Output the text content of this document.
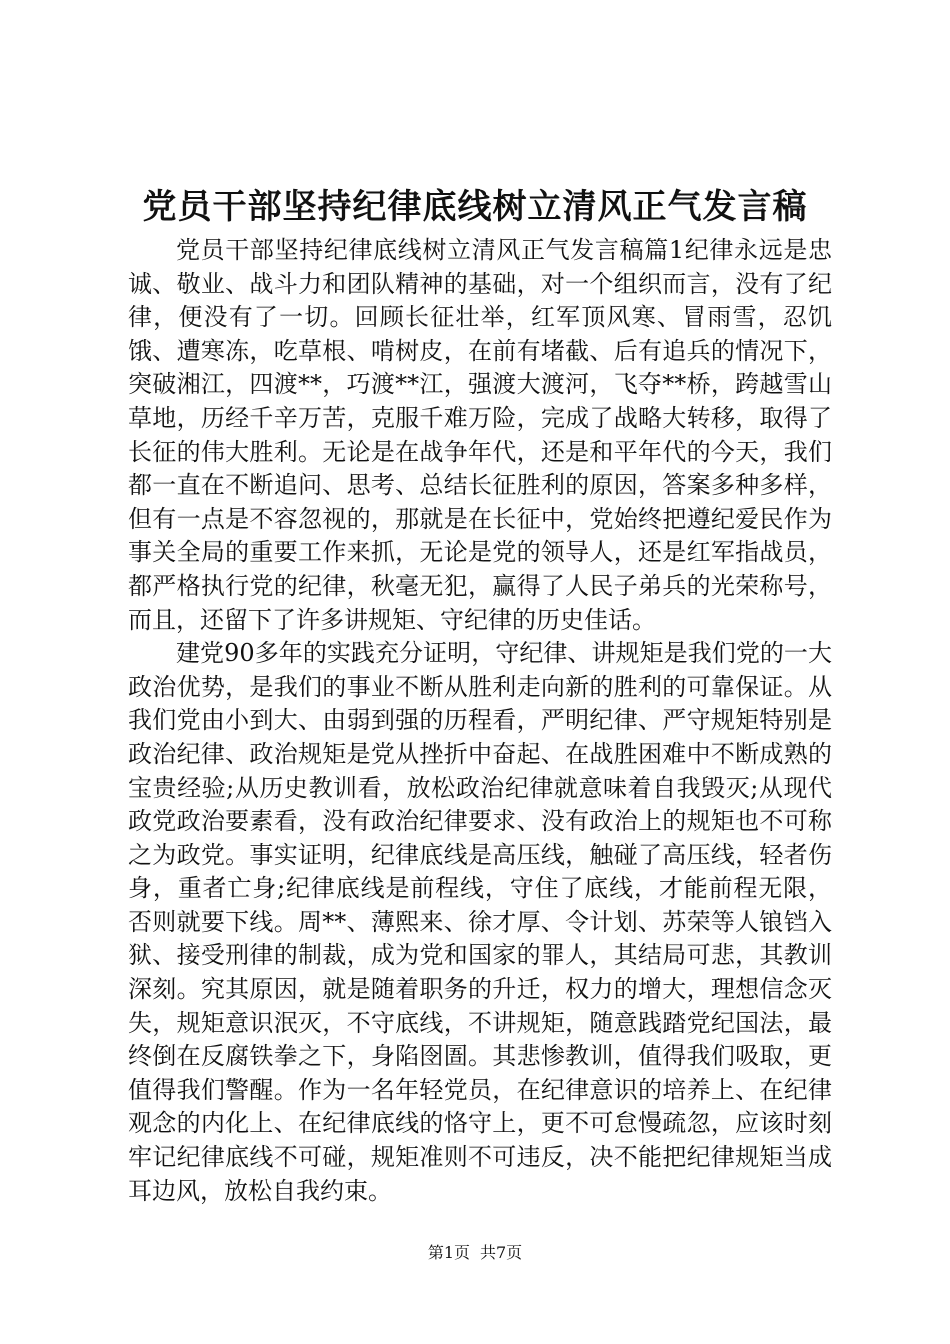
党员干部坚持纪律底线树立清风正气发言稿

党员干部坚持纪律底线树立清风正气发言稿篇1纪律永远是忠诚、敬业、战斗力和团队精神的基础，对一个组织而言，没有了纪律，便没有了一切。回顾长征壮举，红军顶风寒、冒雨雪，忍饥饿、遭寒冻，吃草根、啃树皮，在前有堵截、后有追兵的情况下，突破湘江，四渡**，巧渡**江，强渡大渡河，飞夺**桥，跨越雪山草地，历经千辛万苦，克服千难万险，完成了战略大转移，取得了长征的伟大胜利。无论是在战争年代，还是和平年代的今天，我们都一直在不断追问、思考、总结长征胜利的原因，答案多种多样，但有一点是不容忽视的，那就是在长征中，党始终把遵纪爱民作为事关全局的重要工作来抓，无论是党的领导人，还是红军指战员，都严格执行党的纪律，秋毫无犯，赢得了人民子弟兵的光荣称号，而且，还留下了许多讲规矩、守纪律的历史佳话。

建党90多年的实践充分证明，守纪律、讲规矩是我们党的一大政治优势，是我们的事业不断从胜利走向新的胜利的可靠保证。从我们党由小到大、由弱到强的历程看，严明纪律、严守规矩特别是政治纪律、政治规矩是党从挫折中奋起、在战胜困难中不断成熟的宝贵经验;从历史教训看，放松政治纪律就意味着自我毁灭;从现代政党政治要素看，没有政治纪律要求、没有政治上的规矩也不可称之为政党。事实证明，纪律底线是高压线，触碰了高压线，轻者伤身，重者亡身;纪律底线是前程线，守住了底线，才能前程无限，否则就要下线。周**、薄熙来、徐才厚、令计划、苏荣等人锒铛入狱、接受刑律的制裁，成为党和国家的罪人，其结局可悲，其教训深刻。究其原因，就是随着职务的升迁，权力的增大，理想信念灭失，规矩意识泯灭，不守底线，不讲规矩，随意践踏党纪国法，最终倒在反腐铁拳之下，身陷囹圄。其悲惨教训，值得我们吸取，更值得我们警醒。作为一名年轻党员，在纪律意识的培养上、在纪律观念的内化上、在纪律底线的恪守上，更不可怠慢疏忽，应该时刻牢记纪律底线不可碰，规矩准则不可违反，决不能把纪律规矩当成耳边风，放松自我约束。

第1页 共7页
